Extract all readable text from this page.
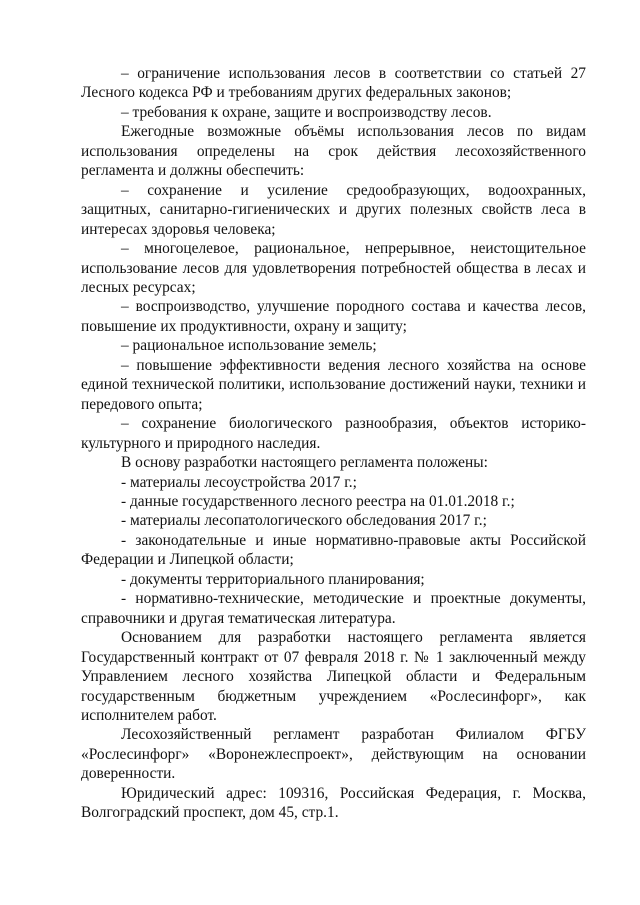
– ограничение использования лесов в соответствии со статьей 27 Лесного кодекса РФ и требованиям других федеральных законов;

– требования к охране, защите и воспроизводству лесов.

Ежегодные возможные объёмы использования лесов по видам использования определены на срок действия лесохозяйственного регламента и должны обеспечить:

– сохранение и усиление средообразующих, водоохранных, защитных, санитарно-гигиенических и других полезных свойств леса в интересах здоровья человека;

– многоцелевое, рациональное, непрерывное, неистощительное использование лесов для удовлетворения потребностей общества в лесах и лесных ресурсах;

– воспроизводство, улучшение породного состава и качества лесов, повышение их продуктивности, охрану и защиту;

– рациональное использование земель;

– повышение эффективности ведения лесного хозяйства на основе единой технической политики, использование достижений науки, техники и передового опыта;

– сохранение биологического разнообразия, объектов историко-культурного и природного наследия.

В основу разработки настоящего регламента положены:

- материалы лесоустройства 2017 г.;

- данные государственного лесного реестра на 01.01.2018 г.;

- материалы лесопатологического обследования 2017 г.;

- законодательные и иные нормативно-правовые акты Российской Федерации и Липецкой области;

- документы территориального планирования;

- нормативно-технические, методические и проектные документы, справочники и другая тематическая литература.

Основанием для разработки настоящего регламента является Государственный контракт от 07 февраля 2018 г. № 1 заключенный между Управлением лесного хозяйства Липецкой области и Федеральным государственным бюджетным учреждением «Рослесинфорг», как исполнителем работ.

Лесохозяйственный регламент разработан Филиалом ФГБУ «Рослесинфорг» «Воронежлеспроект», действующим на основании доверенности.

Юридический адрес: 109316, Российская Федерация, г. Москва, Волгоградский проспект, дом 45, стр.1.
